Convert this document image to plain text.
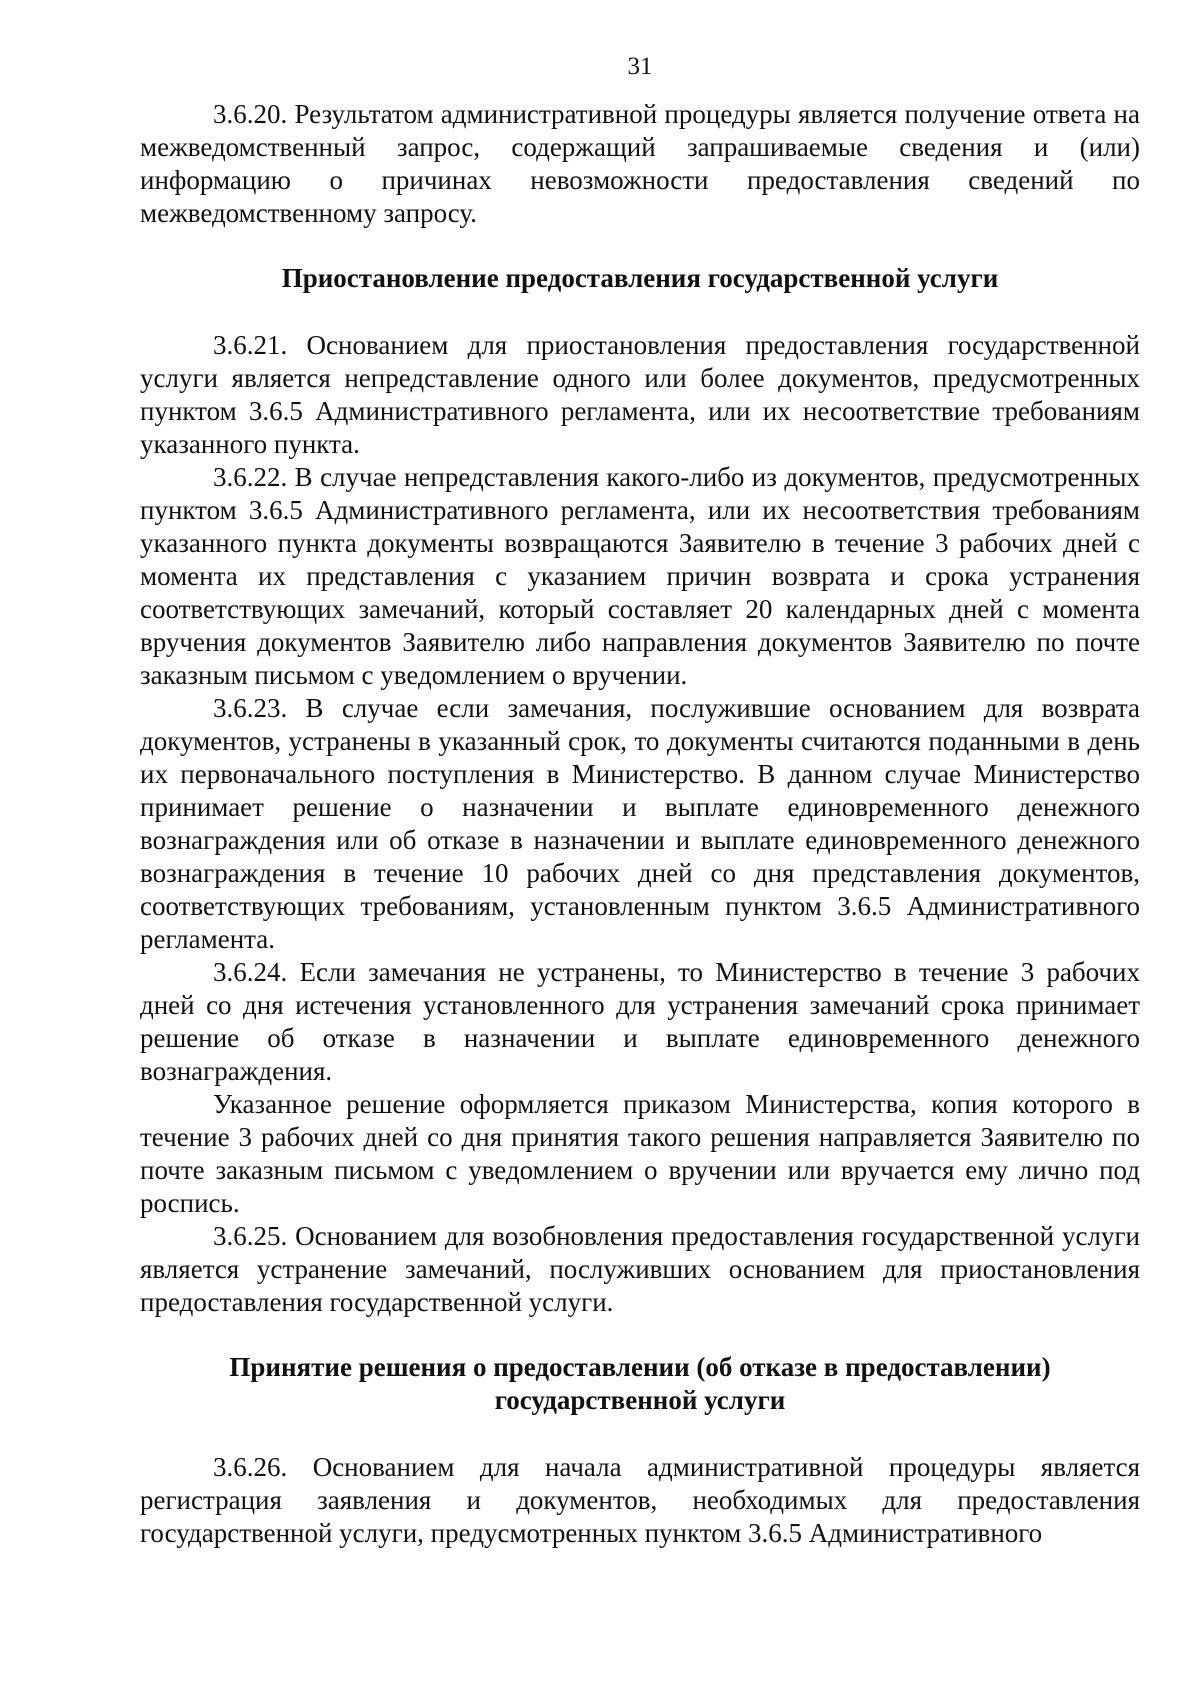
31

3.6.20. Результатом административной процедуры является получение ответа на межведомственный запрос, содержащий запрашиваемые сведения и (или) информацию о причинах невозможности предоставления сведений по межведомственному запросу.

Приостановление предоставления государственной услуги

3.6.21. Основанием для приостановления предоставления государственной услуги является непредставление одного или более документов, предусмотренных пунктом 3.6.5 Административного регламента, или их несоответствие требованиям указанного пункта.

3.6.22. В случае непредставления какого-либо из документов, предусмотренных пунктом 3.6.5 Административного регламента, или их несоответствия требованиям указанного пункта документы возвращаются Заявителю в течение 3 рабочих дней с момента их представления с указанием причин возврата и срока устранения соответствующих замечаний, который составляет 20 календарных дней с момента вручения документов Заявителю либо направления документов Заявителю по почте заказным письмом с уведомлением о вручении.

3.6.23. В случае если замечания, послужившие основанием для возврата документов, устранены в указанный срок, то документы считаются поданными в день их первоначального поступления в Министерство. В данном случае Министерство принимает решение о назначении и выплате единовременного денежного вознаграждения или об отказе в назначении и выплате единовременного денежного вознаграждения в течение 10 рабочих дней со дня представления документов, соответствующих требованиям, установленным пунктом 3.6.5 Административного регламента.

3.6.24. Если замечания не устранены, то Министерство в течение 3 рабочих дней со дня истечения установленного для устранения замечаний срока принимает решение об отказе в назначении и выплате единовременного денежного вознаграждения.

Указанное решение оформляется приказом Министерства, копия которого в течение 3 рабочих дней со дня принятия такого решения направляется Заявителю по почте заказным письмом с уведомлением о вручении или вручается ему лично под роспись.

3.6.25. Основанием для возобновления предоставления государственной услуги является устранение замечаний, послуживших основанием для приостановления предоставления государственной услуги.

Принятие решения о предоставлении (об отказе в предоставлении)
государственной услуги

3.6.26. Основанием для начала административной процедуры является регистрация заявления и документов, необходимых для предоставления государственной услуги, предусмотренных пунктом 3.6.5 Административного
